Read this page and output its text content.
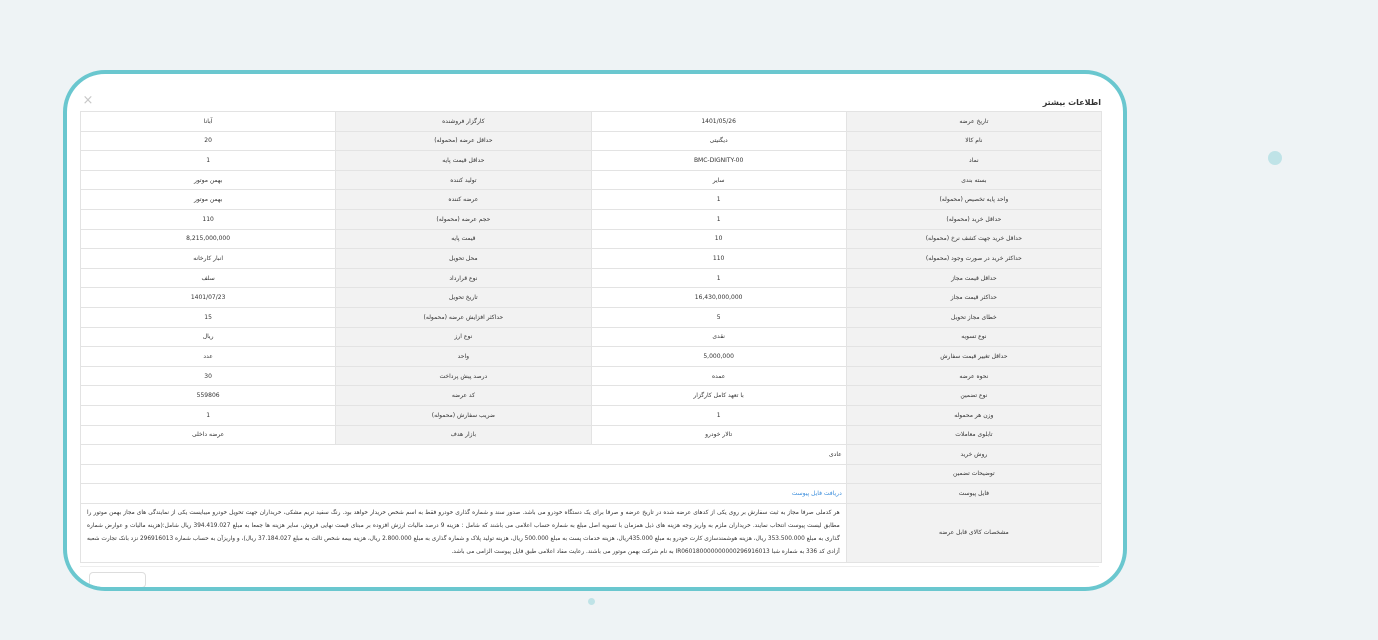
×	اطلاعات بیشتر
تاریخ عرضه	1401/05/26	کارگزار فروشنده	آبانا
نام کالا	دیگنیتی	حداقل عرضه (محموله)	20
نماد	BMC-DIGNITY-00	حداقل قیمت پایه	1
بسته بندی	سایر	تولید کننده	بهمن موتور
واحد پایه تخصیص (محموله)	1	عرضه کننده	بهمن موتور
حداقل خرید (محموله)	1	حجم عرضه (محموله)	110
حداقل خرید جهت کشف نرخ (محموله)	10	قیمت پایه	8,215,000,000
حداکثر خرید در صورت وجود (محموله)	110	محل تحویل	انبار کارخانه
حداقل قیمت مجاز	1	نوع قرارداد	سلف
حداکثر قیمت مجاز	16,430,000,000	تاریخ تحویل	1401/07/23
خطای مجاز تحویل	5	حداکثر افزایش عرضه (محموله)	15
نوع تسویه	نقدی	نوع ارز	ریال
حداقل تغییر قیمت سفارش	5,000,000	واحد	عدد
نحوه عرضه	عمده	درصد پیش پرداخت	30
نوع تضمین	با تعهد کامل کارگزار	کد عرضه	559806
وزن هر محموله	1	ضریب سفارش (محموله)	1
تابلوی معاملات	تالار خودرو	بازار هدف	عرضه داخلی
روش خرید	عادی		
توضیحات تضمین			
فایل پیوست	دریافت فایل پیوست		
مشخصات کالای قابل عرضه	هر کدملی صرفا مجاز به ثبت سفارش بر روی یکی از کدهای عرضه شده در تاریخ عرضه و صرفا برای یک دستگاه خودرو می باشد. صدور سند و شماره گذاری خودرو فقط به اسم شخص خریدار خواهد بود. رنگ سفید تریم مشکی، خریداران جهت تحویل خودرو میبایست یکی از نمایندگی های مجاز بهمن موتور را مطابق لیست پیوست انتخاب نمایند. خریداران ملزم به واریز وجه هزینه های ذیل همزمان با تسویه اصل مبلغ به شماره حساب اعلامی می باشند که شامل : هزینه 9 درصد مالیات ارزش افزوده بر مبنای قیمت نهایی فروش، سایر هزینه ها جمعا به مبلغ 394.419.027 ریال شامل:(هزینه مالیات و عوارض شماره گذاری به مبلغ 353.500.000 ریال، هزینه هوشمندسازی کارت خودرو به مبلغ 435.000ریال، هزینه خدمات پست به مبلغ 500.000 ریال، هزینه تولید پلاک و شماره گذاری به مبلغ 2.800.000 ریال، هزینه بیمه شخص ثالث به مبلغ 37.184.027 ریال)، و واریزآن به حساب شماره 296916013 نزد بانک تجارت شعبه آزادی کد 336 به شماره شبا IR060180000000000296916013 به نام شرکت بهمن موتور می باشند. رعایت مفاد اعلامی طبق فایل پیوست الزامی می باشد.		
